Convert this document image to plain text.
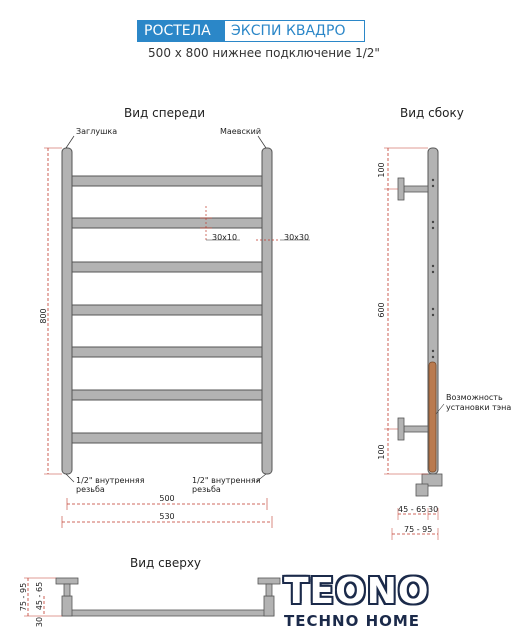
РОСТЕЛА	ЭКСПИ КВАДРО
500 х 800 нижнее подключение 1/2"
Вид спереди	Вид сбоку
Вид сверху
Заглушка	Маевский
800
30х10	30х30
1/2" внутренняя
резьба
1/2" внутренняя
резьба
500
530
100
600
100
Возможность
установки тэна
45 - 65 30
75 - 95
75 - 95
30
45 - 65	TEONO
TECHNO HOME
